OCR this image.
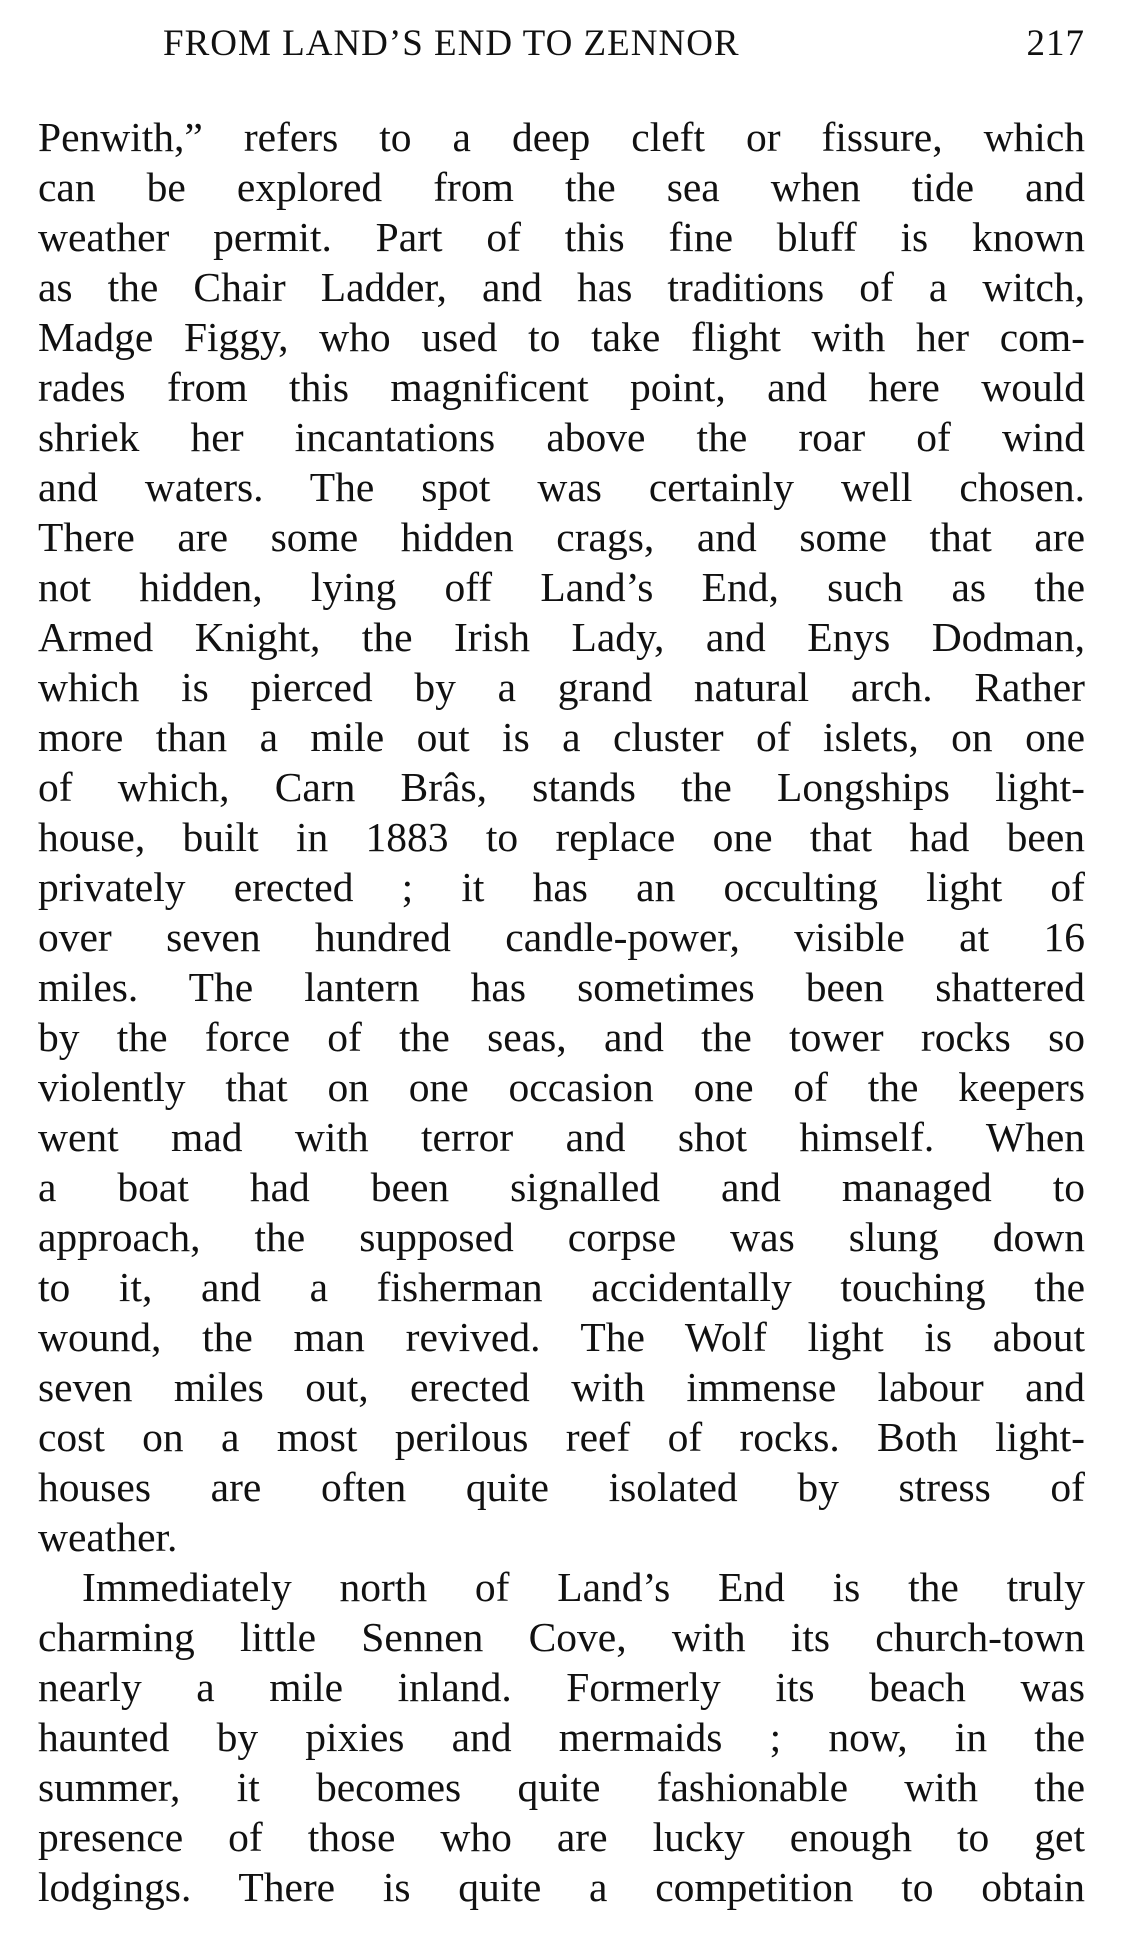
FROM LAND’S END TO ZENNOR	217
Penwith,” refers to a deep cleft or fissure, which
can be explored from the sea when tide and
weather permit. Part of this fine bluff is known
as the Chair Ladder, and has traditions of a witch,
Madge Figgy, who used to take flight with her com-
rades from this magnificent point, and here would
shriek her incantations above the roar of wind
and waters. The spot was certainly well chosen.
There are some hidden crags, and some that are
not hidden, lying off Land’s End, such as the
Armed Knight, the Irish Lady, and Enys Dodman,
which is pierced by a grand natural arch. Rather
more than a mile out is a cluster of islets, on one
of which, Carn Brâs, stands the Longships light-
house, built in 1883 to replace one that had been
privately erected ; it has an occulting light of
over seven hundred candle-power, visible at 16
miles. The lantern has sometimes been shattered
by the force of the seas, and the tower rocks so
violently that on one occasion one of the keepers
went mad with terror and shot himself. When
a boat had been signalled and managed to
approach, the supposed corpse was slung down
to it, and a fisherman accidentally touching the
wound, the man revived. The Wolf light is about
seven miles out, erected with immense labour and
cost on a most perilous reef of rocks. Both light-
houses are often quite isolated by stress of
weather.
Immediately north of Land’s End is the truly
charming little Sennen Cove, with its church-town
nearly a mile inland. Formerly its beach was
haunted by pixies and mermaids ; now, in the
summer, it becomes quite fashionable with the
presence of those who are lucky enough to get
lodgings. There is quite a competition to obtain
